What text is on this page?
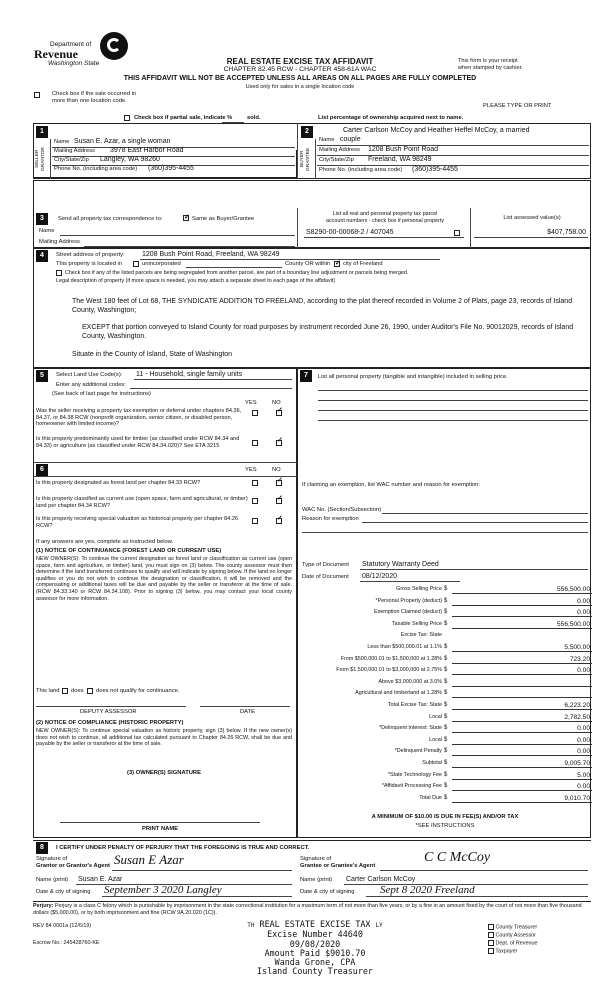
Department of
Revenue
Washington State	REAL ESTATE EXCISE TAX AFFIDAVIT
CHAPTER 82.45 RCW - CHAPTER 458-61A WAC
THIS AFFIDAVIT WILL NOT BE ACCEPTED UNLESS ALL AREAS ON ALL PAGES ARE FULLY COMPLETED
Used only for sales in a single location code
This form is your receipt
when stamped by cashier.
Check box if the sale occurred in
more than one location code.
PLEASE TYPE OR PRINT
Check box if partial sale, indicate %	sold.	List percentage of ownership acquired next to name.
1
SELLER GRANTOR
Name Susan E. Azar, a single woman
Mailing Address 3978 East Harbor Road
City/State/Zip Langley, WA 98260
Phone No. (including area code) (360)395-4455
2
BUYER GRANTEE
Carter Carlson McCoy and Heather Heffel McCoy, a married
Name couple
Mailing Address 1208 Bush Point Road
City/State/Zip Freeland, WA 98249
Phone No. (including area code) (360)395-4455
3	Send all property tax correspondence to: ✓	Same as Buyer/Grantee
Name
Mailing Address
List all real and personal property tax parcel
account numbers - check box if personal property	List assessed value(s)
S8290-00-00068-2 / 407045	$407,758.00
4	Street address of property: 1208 Bush Point Road, Freeland, WA 98249
This property is located in	unincorporated	County OR within ✓ city of Freeland
Check box if any of the listed parcels are being segregated from another parcel, are part of a boundary line adjustment or parcels being merged.
Legal description of property (if more space is needed, you may attach a separate sheet to each page of the affidavit)
The West 180 feet of Lot 68, THE SYNDICATE ADDITION TO FREELAND, according to the plat thereof recorded in Volume 2 of Plats, page 23, records of Island County, Washington;
EXCEPT that portion conveyed to Island County for road purposes by instrument recorded June 26, 1990, under Auditor's File No. 90012029, records of Island County, Washington.
Situate in the County of Island, State of Washington
5	Select Land Use Code(s): 11 - Household, single family units
Enter any additional codes:
(See back of last page for instructions)
YES	NO
Was the seller receiving a property tax exemption or deferral under chapters 84.36, 84.37, or 84.38 RCW (nonprofit organization, senior citizen, or disabled person, homeowner with limited income)?
✓
Is this property predominantly used for timber (as classified under RCW 84.34 and 84.33) or agriculture (as classified under RCW 84.34.020)? See ETA 3215
✓
6	YES	NO
Is this property designated as forest land per chapter 84.33 RCW?
✓
Is this property classified as current use (open space, farm and agricultural, or timber) land per chapter 84.34 RCW?
✓
Is this property receiving special valuation as historical property per chapter 84.26 RCW?
✓
If any answers are yes, complete as instructed below.
(1) NOTICE OF CONTINUANCE (FOREST LAND OR CURRENT USE)
NEW OWNER(S): To continue the current designation as forest land or classification as current use (open space, farm and agriculture, or timber) land, you must sign on (3) below. The county assessor must then determine if the land transferred continues to qualify and will indicate by signing below. If the land no longer qualifies or you do not wish to continue the designation or classification, it will be removed and the compensating or additional taxes will be due and payable by the seller or transferor at the time of sale. (RCW 84.33.140 or RCW 84.34.108). Prior to signing (3) below, you may contact your local county assessor for more information.
This land does does not qualify for continuance.
DEPUTY ASSESSOR	DATE
(2) NOTICE OF COMPLIANCE (HISTORIC PROPERTY)
NEW OWNER(S): To continue special valuation as historic property, sign (3) below. If the new owner(s) does not wish to continue, all additional tax calculated pursuant to Chapter 84.26 RCW, shall be due and payable by the seller or transferor at the time of sale.
(3) OWNER(S) SIGNATURE
PRINT NAME
7	List all personal property (tangible and intangible) included in selling price.
If claiming an exemption, list WAC number and reason for exemption:
WAC No. (Section/Subsection)
Reason for exemption
Type of Document Statutory Warranty Deed
Date of Document 08/12/2020
Gross Selling Price $	556,500.00
*Personal Property (deduct) $	0.00
Exemption Claimed (deduct) $	0.00
Taxable Selling Price $	556,500.00
Excise Tax: State
Less than $500,000.01 at 1.1% $	5,500.00
From $500,000.01 to $1,500,000 at 1.28% $	723.20
From $1,500,000.01 to $3,000,000 at 2.75% $	0.00
Above $3,000,000 at 3.0% $

Agricultural and timberland at 1.28% $

Total Excise Tax: State $	6,223.20
Local $	2,782.50
*Delinquent Interest: State $	0.00
Local $	0.00
*Delinquent Penalty $	0.00
Subtotal $	9,005.70
*State Technology Fee $	5.00
*Affidavit Processing Fee $	0.00
Total Due $	9,010.70
A MINIMUM OF $10.00 IS DUE IN FEE(S) AND/OR TAX
*SEE INSTRUCTIONS
8	I CERTIFY UNDER PENALTY OF PERJURY THAT THE FOREGOING IS TRUE AND CORRECT.
Signature of
Grantor or Grantor's Agent Susan E Azar
Name (print) Susan E. Azar
Date & city of signing September 3 2020 Langley
Signature of
Grantee or Grantee's Agent
C C McCoy
Name (print) Carter Carlson McCoy
Date & city of signing Sept 8 2020 Freeland
Perjury: Perjury is a class C felony which is punishable by imprisonment in the state correctional institution for a maximum term of not more than five years, or by a fine in an amount fixed by the court of not more than five thousand dollars ($5,000.00), or by both imprisonment and fine (RCW 9A.20.020 (1C)).
REV 84 0001a (12/6/19)
Escrow No.: 245428760-KE
TH REAL ESTATE EXCISE TAX LY
Excise Number 44640
09/08/2020
Amount Paid $9010.70
Wanda Grone, CPA
Island County Treasurer
County Treasurer
County Assessor
Dept. of Revenue
Taxpayer
